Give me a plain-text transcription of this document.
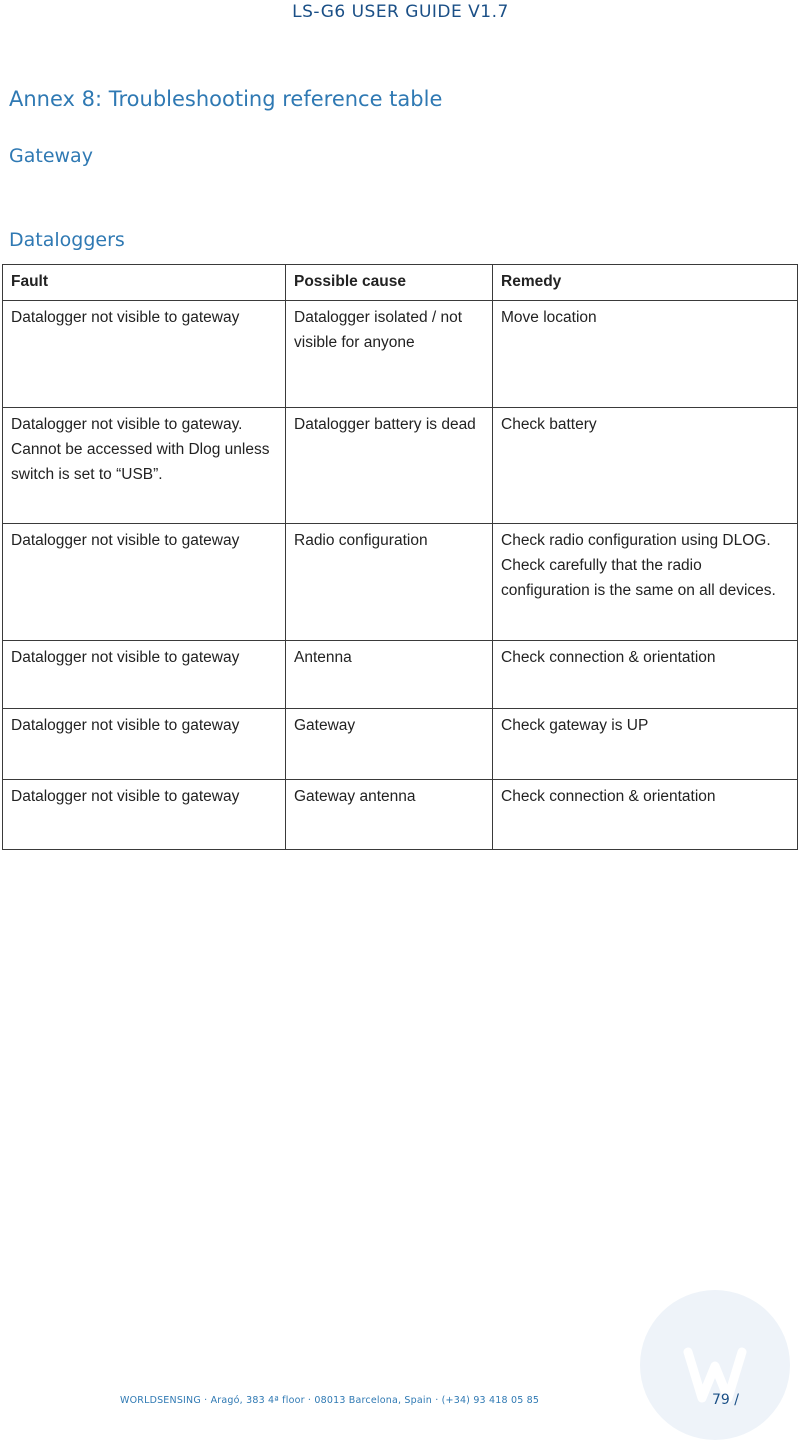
LS-G6 USER GUIDE V1.7
Annex 8: Troubleshooting reference table
Gateway
Dataloggers
Fault	Possible cause	Remedy
Datalogger not visible to gateway	Datalogger isolated / not visible for anyone	Move location
Datalogger not visible to gateway. Cannot be accessed with Dlog unless switch is set to “USB”.	Datalogger battery is dead	Check battery
Datalogger not visible to gateway	Radio configuration	Check radio configuration using DLOG. Check carefully that the radio configuration is the same on all devices.
Datalogger not visible to gateway	Antenna	Check connection & orientation
Datalogger not visible to gateway	Gateway	Check gateway is UP
Datalogger not visible to gateway	Gateway antenna	Check connection & orientation
WORLDSENSING · Aragó, 383 4ª floor · 08013 Barcelona, Spain · (+34) 93 418 05 85	79 /
